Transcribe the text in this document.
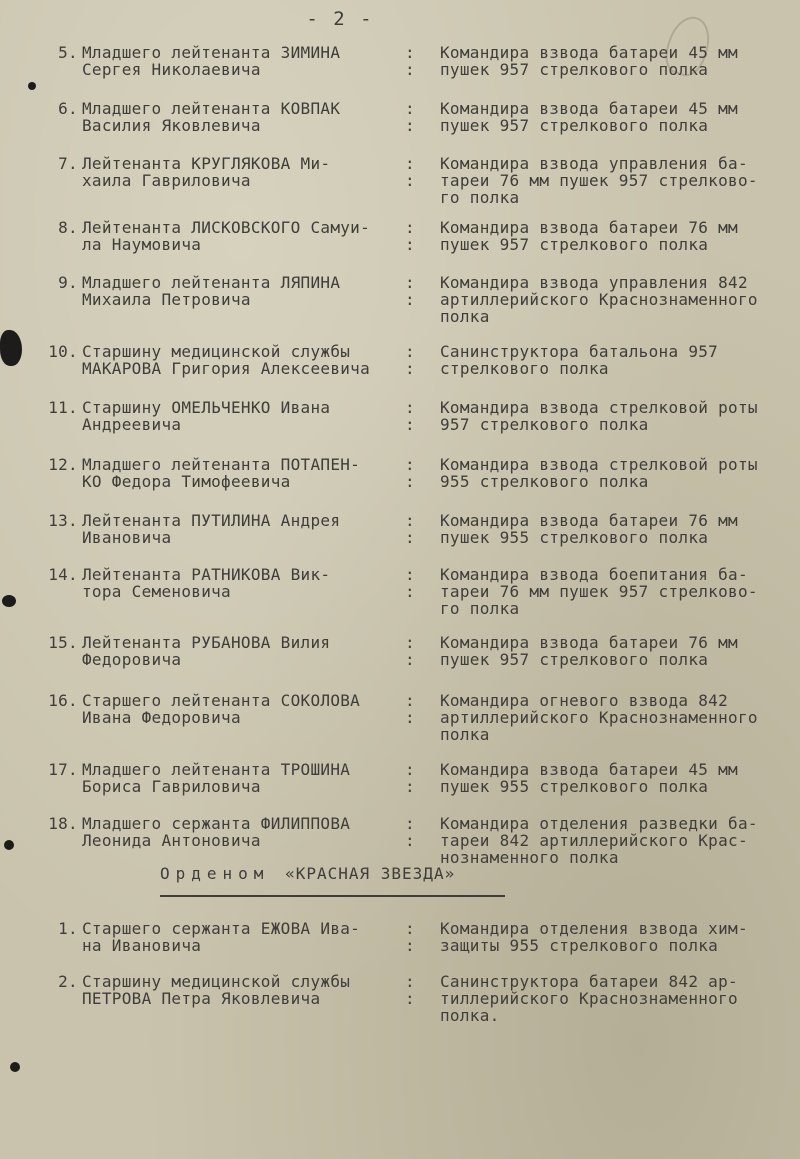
- 2 -
5. Младшего лейтенанта ЗИМИНА
Сергея Николаевича
:
:
Командира взвода батареи 45 мм
пушек 957 стрелкового полка
6. Младшего лейтенанта КОВПАК
Василия Яковлевича
:
:
Командира взвода батареи 45 мм
пушек 957 стрелкового полка
7. Лейтенанта КРУГЛЯКОВА Ми-
хаила Гавриловича
:
:
Командира взвода управления ба-
тареи 76 мм пушек 957 стрелково-
го полка
8. Лейтенанта ЛИСКОВСКОГО Самуи-
ла Наумовича
:
:
Командира взвода батареи 76 мм
пушек 957 стрелкового полка
9. Младшего лейтенанта ЛЯПИНА
Михаила Петровича
:
:
Командира взвода управления 842
артиллерийского Краснознаменного
полка
10. Старшину медицинской службы
МАКАРОВА Григория Алексеевича
:
:
Санинструктора батальона 957
стрелкового полка
11. Старшину ОМЕЛЬЧЕНКО Ивана
Андреевича
:
:
Командира взвода стрелковой роты
957 стрелкового полка
12. Младшего лейтенанта ПОТАПЕН-
КО Федора Тимофеевича
:
:
Командира взвода стрелковой роты
955 стрелкового полка
13. Лейтенанта ПУТИЛИНА Андрея
Ивановича
:
:
Командира взвода батареи 76 мм
пушек 955 стрелкового полка
14. Лейтенанта РАТНИКОВА Вик-
тора Семеновича
:
:
Командира взвода боепитания ба-
тареи 76 мм пушек 957 стрелково-
го полка
15. Лейтенанта РУБАНОВА Вилия
Федоровича
:
:
Командира взвода батареи 76 мм
пушек 957 стрелкового полка
16. Старшего лейтенанта СОКОЛОВА
Ивана Федоровича
:
:
Командира огневого взвода 842
артиллерийского Краснознаменного
полка
17. Младшего лейтенанта ТРОШИНА
Бориса Гавриловича
:
:
Командира взвода батареи 45 мм
пушек 955 стрелкового полка
18. Младшего сержанта ФИЛИППОВА
Леонида Антоновича
:
:
Командира отделения разведки ба-
тареи 842 артиллерийского Крас-
нознаменного полка
Орденом «КРАСНАЯ ЗВЕЗДА»
1. Старшего сержанта ЕЖОВА Ива-
на Ивановича
:
:
Командира отделения взвода хим-
защиты 955 стрелкового полка
2. Старшину медицинской службы
ПЕТРОВА Петра Яковлевича
:
:
Санинструктора батареи 842 ар-
тиллерийского Краснознаменного
полка.
